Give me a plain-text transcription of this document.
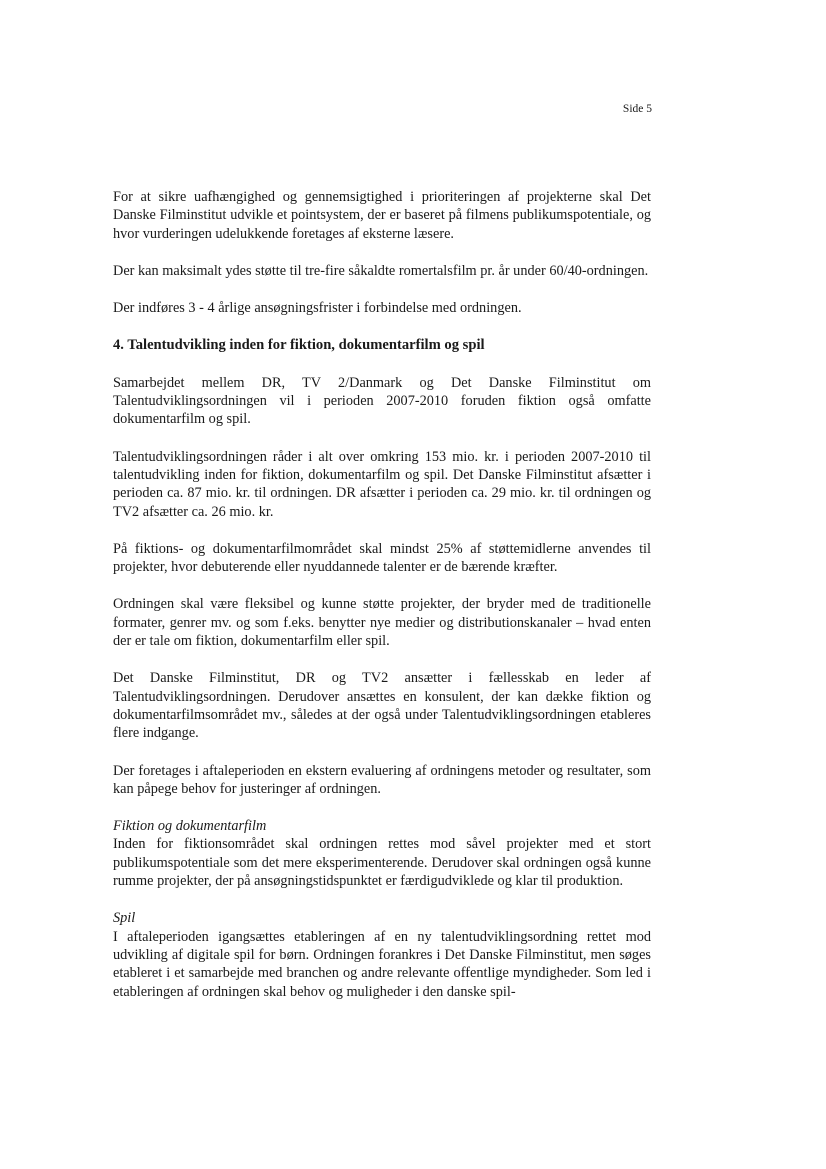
Side 5

For at sikre uafhængighed og gennemsigtighed i prioriteringen af projekterne skal Det Danske Filminstitut udvikle et pointsystem, der er baseret på filmens publikumspotentiale, og hvor vurderingen udelukkende foretages af eksterne læsere.

Der kan maksimalt ydes støtte til tre-fire såkaldte romertalsfilm pr. år under 60/40-ordningen.

Der indføres 3 - 4 årlige ansøgningsfrister i forbindelse med ordningen.

4. Talentudvikling inden for fiktion, dokumentarfilm og spil

Samarbejdet mellem DR, TV 2/Danmark og Det Danske Filminstitut om Talentudviklingsordningen vil i perioden 2007-2010 foruden fiktion også omfatte dokumentarfilm og spil.

Talentudviklingsordningen råder i alt over omkring 153 mio. kr. i perioden 2007-2010 til talentudvikling inden for fiktion, dokumentarfilm og spil. Det Danske Filminstitut afsætter i perioden ca. 87 mio. kr. til ordningen. DR afsætter i perioden ca. 29 mio. kr. til ordningen og TV2 afsætter ca. 26 mio. kr.

På fiktions- og dokumentarfilmområdet skal mindst 25% af støttemidlerne anvendes til projekter, hvor debuterende eller nyuddannede talenter er de bærende kræfter.

Ordningen skal være fleksibel og kunne støtte projekter, der bryder med de traditionelle formater, genrer mv. og som f.eks. benytter nye medier og distributionskanaler – hvad enten der er tale om fiktion, dokumentarfilm eller spil.

Det Danske Filminstitut, DR og TV2 ansætter i fællesskab en leder af Talentudviklingsordningen. Derudover ansættes en konsulent, der kan dække fiktion og dokumentarfilmsområdet mv., således at der også under Talentudviklingsordningen etableres flere indgange.

Der foretages i aftaleperioden en ekstern evaluering af ordningens metoder og resultater, som kan påpege behov for justeringer af ordningen.

Fiktion og dokumentarfilm

Inden for fiktionsområdet skal ordningen rettes mod såvel projekter med et stort publikumspotentiale som det mere eksperimenterende. Derudover skal ordningen også kunne rumme projekter, der på ansøgningstidspunktet er færdigudviklede og klar til produktion.

Spil

I aftaleperioden igangsættes etableringen af en ny talentudviklingsordning rettet mod udvikling af digitale spil for børn. Ordningen forankres i Det Danske Filminstitut, men søges etableret i et samarbejde med branchen og andre relevante offentlige myndigheder. Som led i etableringen af ordningen skal behov og muligheder i den danske spil-
